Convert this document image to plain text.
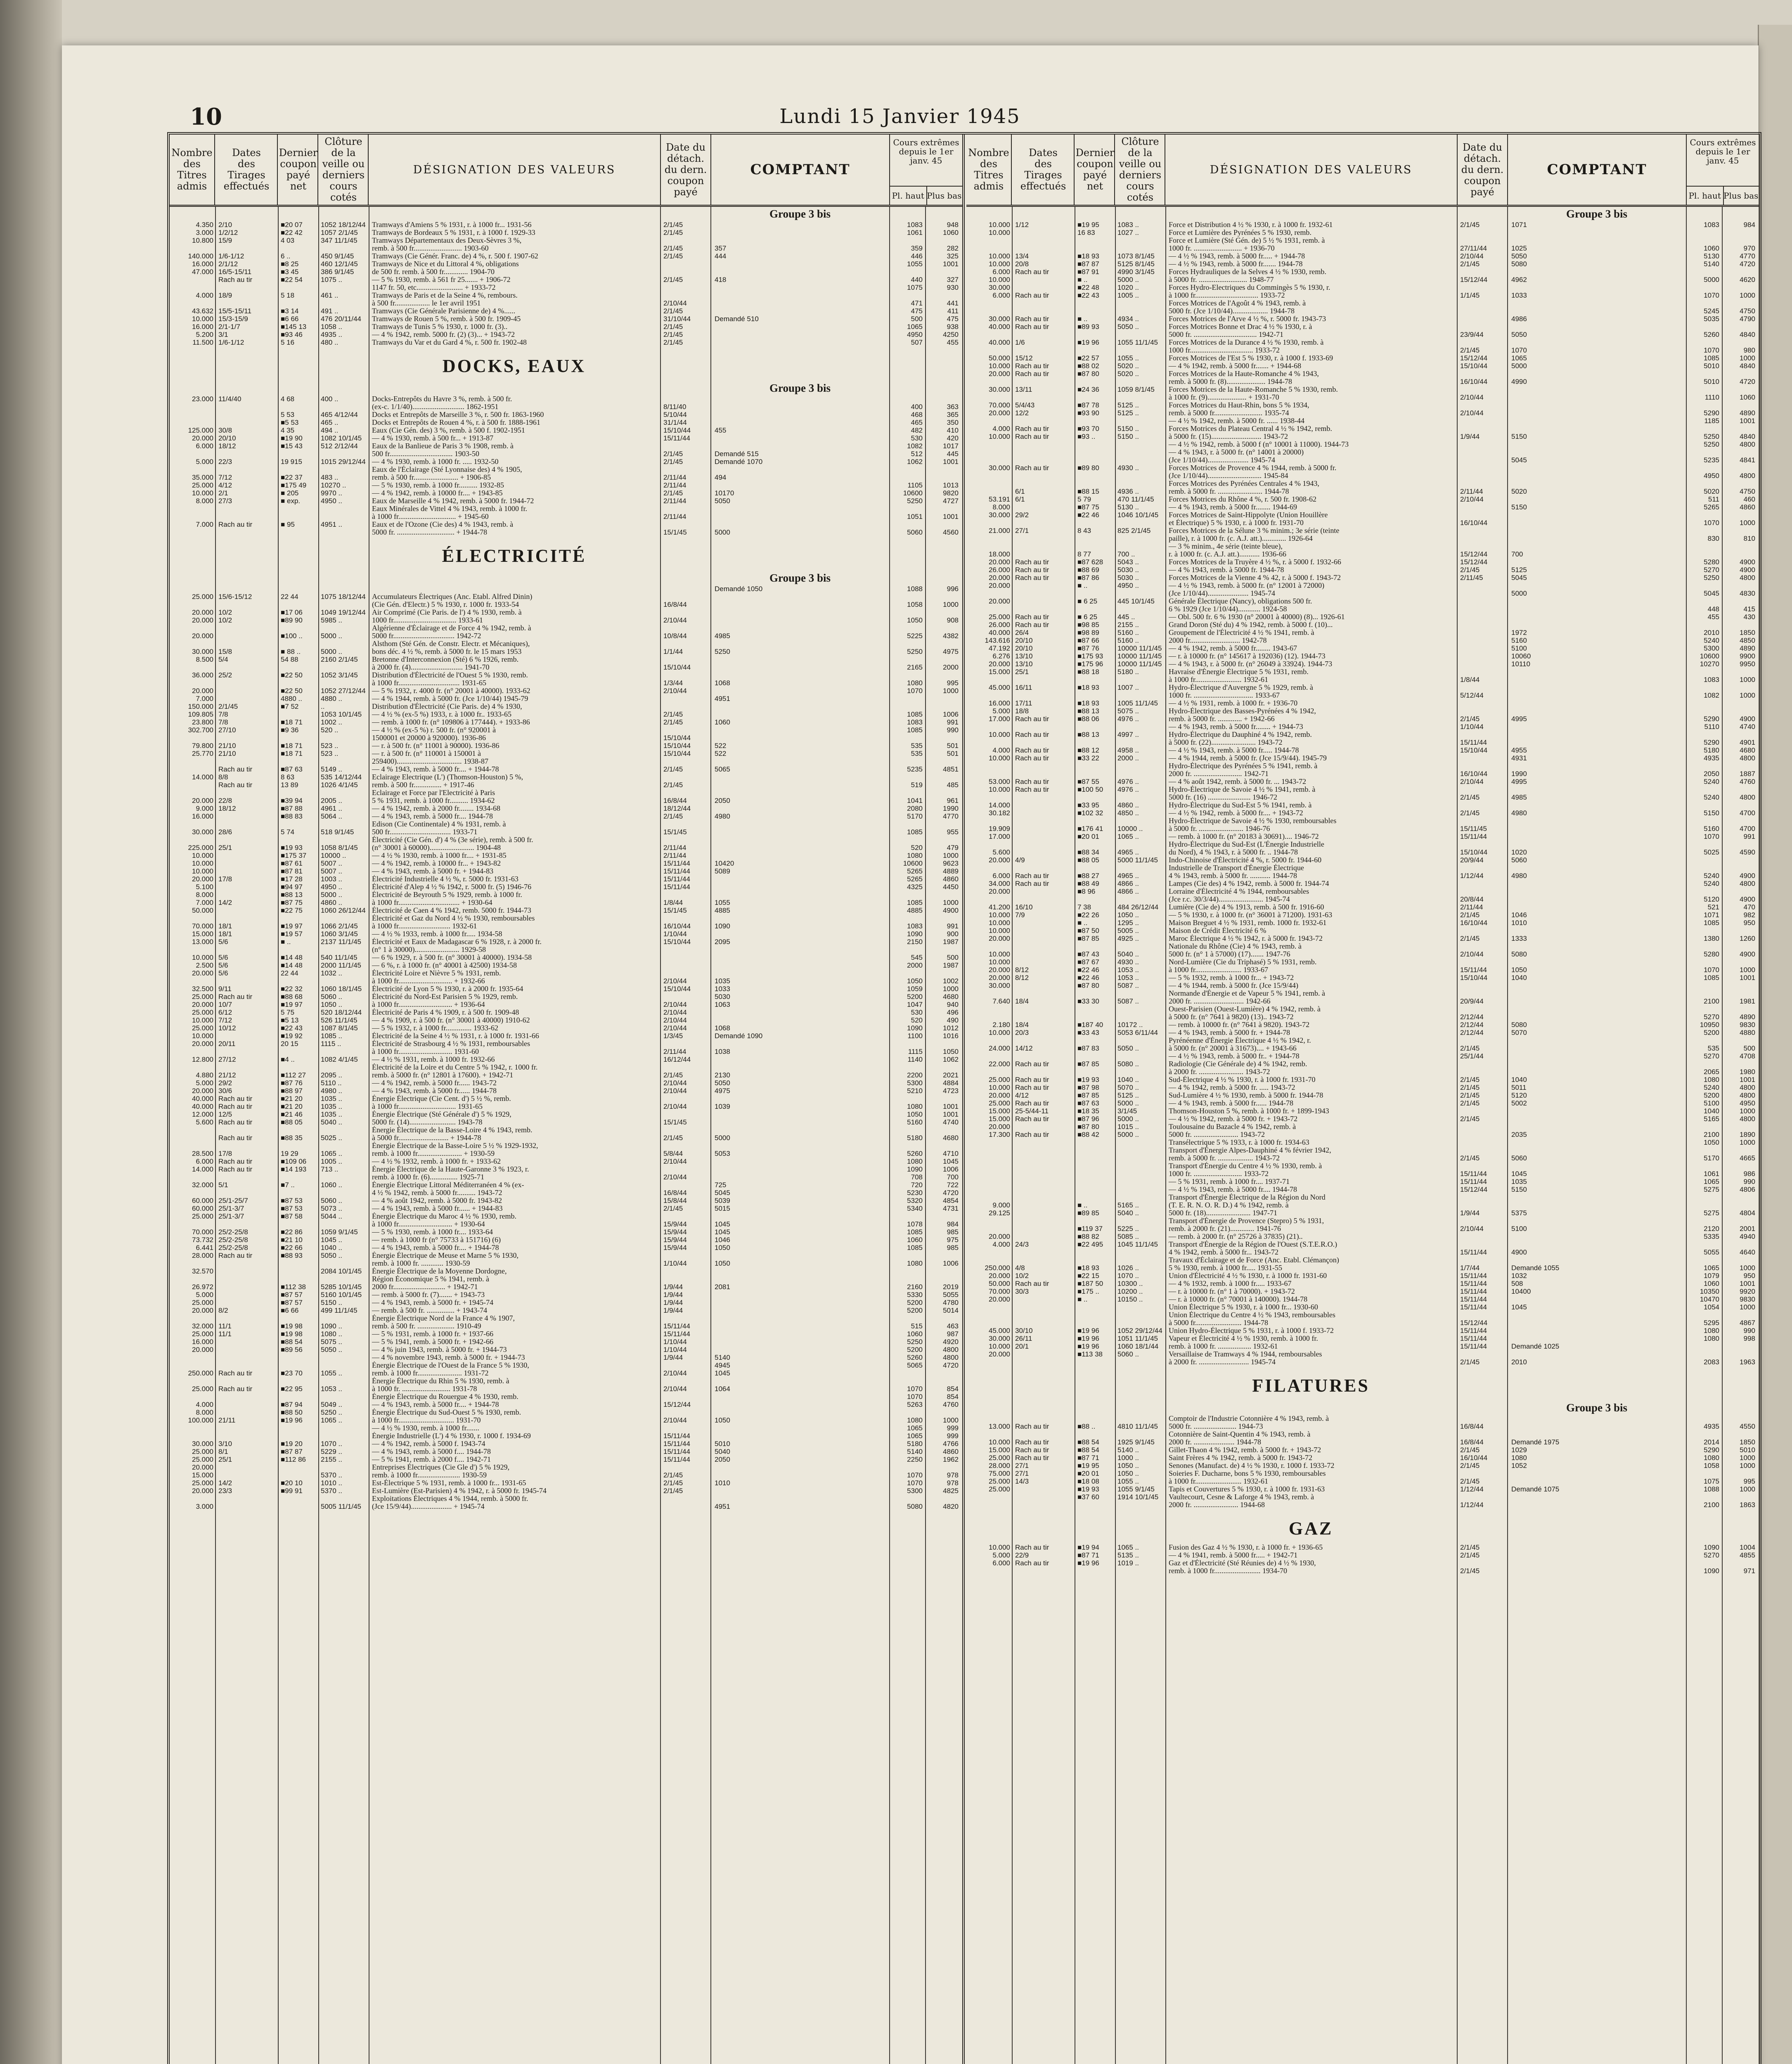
10	Lundi 15 Janvier 1945
Nombre
des
Titres
admis
Dates
des
Tirages
effectués
Dernier
coupon
payé
net
Clôture
de la veille ou
derniers cours
cotés
DÉSIGNATION DES VALEURS
Date du
détach.
du dern.
coupon
payé
COMPTANT
Cours extrêmes
depuis le 1er janv. 45
Pl. haut Plus bas
Groupe 3 bis
4.350 2/10	■20 07	1052 18/12/44 Tramways d'Amiens 5 % 1931, r. à 1000 fr... 1931-56	2/1/45	1083	948
3.000 1/2/12	■22 42	1057 2/1/45	Tramways de Bordeaux 5 % 1931, r. à 1000 f. 1929-33	2/1/45	1061	1060
10.800 15/9	4 03	347 11/1/45	Tramways Départementaux des Deux-Sèvres 3 %,
remb. à 500 fr.......................... 1903-60	2/1/45	357	359	282
140.000 1/6-1/12	6 ..	450 9/1/45	Tramways (Cie Génér. Franc. de) 4 %, r. 500 f. 1907-62	2/1/45	444	446	325
16.000 2/1/12	■8 25	460 12/1/45	Tramways de Nice et du Littoral 4 %, obligations	1055	1001
47.000 16/5-15/11	■3 45	386 9/1/45	de 500 fr. remb. à 500 fr............. 1904-70
Rach au tir	■22 54	1075 ..	— 5 % 1930, remb. à 561 fr 25....... + 1906-72	2/1/45	418	440	327
1147 fr. 50, etc......................... + 1933-72	1075	930
4.000 18/9	5 18	461 ..	Tramways de Paris et de la Seine 4 %, rembours.
à 500 fr................... le 1er avril 1951	2/10/44	471	441
43.632 15/5-15/11	■3 14	491 ..	Tramways (Cie Générale Parisienne de) 4 %......	2/1/45	475	411
10.000 15/3-15/9	■6 66	476 20/11/44	Tramways de Rouen 5 %, remb. à 500 fr. 1909-45	31/10/44	Demandé 510	500	475
16.000 2/1-1/7	■145 13	1058 ..	Tramways de Tunis 5 % 1930, r. 1000 fr. (3)..	2/1/45	1065	938
5.200 3/1	■93 46	4935 ..	— 4 % 1942, remb. 5000 fr. (2) (3)... + 1943-72	2/1/45	4950	4250
11.500 1/6-1/12	5 16	480 ..	Tramways du Var et du Gard 4 %, r. 500 fr. 1902-48	2/1/45	507	455
DOCKS, EAUX
Groupe 3 bis
23.000 11/4/40	4 68	400 ..	Docks-Entrepôts du Havre 3 %, remb. à 500 fr.
(ex-c. 1/1/40)............................ 1862-1951	8/11/40	400	363
5 53	465 4/12/44	Docks et Entrepôts de Marseille 3 %, r. 500 fr. 1863-1960	5/10/44	468	365
■5 53	465 ..	Docks et Entrepôts de Rouen 4 %, r. à 500 fr. 1888-1961	31/1/44	465	350
125.000 30/8	4 35	494 ..	Eaux (Cie Gén. des) 3 %, remb. à 500 f. 1902-1951	15/10/44	455	482	410
20.000 20/10	■19 90	1082 10/1/45	— 4 % 1930, remb. à 500 fr... + 1913-87	15/11/44	530	420
6.000 18/12	■15 43	512 2/12/44	Eaux de la Banlieue de Paris 3 % 1908, remb. à	1082	1017
500 fr.................................. 1903-50	2/1/45	Demandé 515	512	445
5.000 22/3	19 915	1015 29/12/44 — 4 % 1930, remb. à 1000 fr. ..... 1932-50	2/1/45	Demandé 1070	1062	1001
Eaux de l'Éclairage (Sté Lyonnaise des) 4 % 1905,
35.000 7/12	■22 37	483 ..	remb. à 500 fr........................ + 1906-85	2/11/44	494
25.000 4/12	■175 49	10270 ..	— 5 % 1930, remb. à 1000 fr.......... 1932-85	2/11/44	1105	1013
10.000 2/1	■ 205	9970 ..	— 4 % 1942, remb. à 10000 fr.... + 1943-85	2/1/45	10170	10600	9820
8.000 27/3	■ exp.	4950 ..	Eaux de Marseille 4 % 1942, remb. à 5000 fr. 1944-72	2/11/44	5050	5250	4727
Eaux Minérales de Vittel 4 % 1943, remb. à 1000 fr.
à 1000 fr............................... + 1945-60	2/11/44	1051	1001
7.000 Rach au tir	■ 95	4951 ..	Eaux et de l'Ozone (Cie des) 4 % 1943, remb. à
5000 fr. ............................... + 1944-78	15/1/45	5000	5060	4560
ÉLECTRICITÉ
Groupe 3 bis
Demandé 1050	1088	996
25.000 15/6-15/12	22 44	1075 18/12/44 Accumulateurs Électriques (Anc. Etabl. Alfred Dinin)
(Cie Gén. d'Electr.) 5 % 1930, r. 1000 fr. 1933-54	16/8/44	1058	1000
20.000 10/2	■17 06	1049 19/12/44 Air Comprimé (Cie Paris. de l') 4 % 1930, remb. à
20.000 10/2	■89 90	5985 ..	1000 fr.................................. 1933-61	2/10/44	1050	908
Algérienne d'Éclairage et de Force 4 % 1942, remb. à
20.000	■100 ..	5000 ..	5000 fr................................. 1942-72	10/8/44	4985	5225	4382
Alsthom (Sté Gén. de Constr. Electr. et Mécaniques),
30.000 15/8	■ 88 ..	5000 ..	bons déc. 4 ½ %, remb. à 5000 fr. le 15 mars 1953	1/1/44	5250	5250	4975
8.500 5/4	54 88	2160 2/1/45	Bretonne d'Interconnexion (Sté) 6 % 1926, remb.
à 2000 fr. (4)............................ 1941-70	15/10/44	2165	2000
36.000 25/2	■22 50	1052 3/1/45	Distribution d'Électricité de l'Ouest 5 % 1930, remb.
à 1000 fr................................. 1931-65	1/3/44	1068	1080	995
20.000	■22 50	1052 27/12/44 — 5 % 1932, r. 4000 fr. (n° 20001 à 40000). 1933-62	2/10/44	1070	1000
7.000	4880 ..	4880 ..	— 4 % 1944, remb. à 5000 fr. (Jce 1/10/44) 1945-79	4951
150.000 2/1/45	■7 52	..	Distribution d'Électricité (Cie Paris. de) 4 % 1930,
109.805 7/8	1053 10/1/45	— 4 ½ % (ex-5 %) 1933, r. à 1000 fr.. 1933-65	2/1/45	1085	1006
23.800 7/8	■18 71	1002 ..	— remb. à 1000 fr. (n° 109806 à 177444). + 1933-86	2/1/45	1060	1083	991
302.700 27/10	■9 36	520 ..	— 4 ½ % (ex-5 %) r. 500 fr. (n° 920001 à	1085	990
1500001 et 20000 à 920000). 1936-86	15/10/44
79.800 21/10	■18 71	523 ..	— r. à 500 fr. (n° 11001 à 90000). 1936-86	15/10/44	522	535	501
25.770 21/10	■18 71	523 ..	— r. à 500 fr. (n° 110001 à 150001 à	15/10/44	522	535	501
259400)................................... 1938-87
Rach au tir	■87 63	5149 ..	— 4 % 1943, remb. à 5000 fr.... + 1944-78	2/1/45	5065	5235	4851
14.000 8/8	8 63	535 14/12/44	Eclairage Electrique (L') (Thomson-Houston) 5 %,
Rach au tir	13 89	1026 4/1/45	remb. à 500 fr............... + 1917-46	2/1/45	519	485
Eclairage et Force par l'Electricité à Paris
20.000 22/8	■39 94	2005 ..	5 % 1931, remb. à 1000 fr.......... 1934-62	16/8/44	2050	1041	961
9.000 18/12	■87 88	4961 ..	— 4 % 1942, remb. à 2000 fr........ 1934-68	18/12/44	2080	1990
16.000	■88 83	5064 ..	— 4 % 1943, remb. à 5000 fr.... 1944-78	2/1/45	4980	5170	4770
Edison (Cie Continentale) 4 % 1931, remb. à
30.000 28/6	5 74	518 9/1/45	500 fr................................. 1933-71	15/1/45	1085	955
Électricité (Cie Gén. d') 4 % (3e série), remb. à 500 fr.
225.000 25/1	■19 93	1058 8/1/45	(n° 30001 à 60000)........................ 1904-48	2/11/44	520	479
10.000	■175 37	10000 ..	— 4 ½ % 1930, remb. à 1000 fr.... + 1931-85	2/11/44	1080	1000
10.000	■87 61	5007 ..	— 4 % 1942, remb. à 10000 fr... + 1943-82	15/11/44	10420	10600	9623
10.000	■87 81	5007 ..	— 4 % 1943, remb. à 5000 fr. + 1944-83	15/11/44	5089	5265	4889
20.000 17/8	■17 28	1003 ..	Électricité Industrielle 4 ½ %, r. 5000 fr. 1931-63	15/11/44	5265	4860
5.100	■94 97	4950 ..	Électricité d'Alep 4 ½ % 1942, r. 5000 fr. (5) 1946-76	15/11/44	4325	4450
8.000	■88 13	5000 ..	Électricité de Beyrouth 5 % 1929, remb. à 1000 fr.
7.000 14/2	■87 75	4860 ..	à 1000 fr................................. + 1930-64	1/8/44	1055	1085	1000
50.000	■22 75	1060 26/12/44 Électricité de Caen 4 % 1942, remb. 5000 fr. 1944-73	15/1/45	4885	4885	4900
Électricité et Gaz du Nord 4 ½ % 1930, remboursables
70.000 18/1	■19 97	1066 2/1/45	à 1000 fr............................ 1932-61	16/10/44	1090	1083	991
15.000 18/1	■19 57	1060 3/1/45	— 4 ½ % 1933, remb. à 1000 fr..... 1934-58	1/10/44	1090	900
13.000 5/6	■ ..	2137 11/1/45	Électricité et Eaux de Madagascar 6 % 1928, r. à 2000 fr.	15/10/44	2095	2150	1987
(n° 1 à 30000)........................ 1929-58
10.000 5/6	■14 48	540 11/1/45	— 6 % 1929, r. à 500 fr. (n° 30001 à 40000). 1934-58	545	500
2.500 5/6	■14 48	2000 11/1/45	— 6 %, r. à 1000 fr. (n° 40001 à 42500) 1934-58	2000	1987
20.000 5/6	22 44	1032 ..	Électricité Loire et Nièvre 5 % 1931, remb.
à 1000 fr............................. + 1932-66	2/10/44	1035	1050	1002
32.500 9/11	■22 32	1060 18/1/45	Électricité de Lyon 5 % 1930, r. à 2000 fr. 1935-64	15/10/44	1033	1059	1000
25.000 Rach au tir	■88 68	5060 ..	Électricité du Nord-Est Parisien 5 % 1929, remb.	5030	5200	4680
20.000 10/7	■19 97	1050 ..	à 1000 fr............................. + 1936-64	2/10/44	1063	1047	940
25.000 6/12	5 75	520 18/12/44	Électricité de Paris 4 % 1909, r. à 500 fr. 1909-48	2/10/44	530	496
10.000 7/12	■5 13	526 11/1/45	— 4 % 1909, r. à 500 fr. (n° 30001 à 40000) 1910-62	2/10/44	520	490
25.000 10/12	■22 43	1087 8/1/45	— 5 % 1932, r. à 1000 fr.............. 1933-62	2/10/44	1068	1090	1012
10.000	■19 92	1085 ..	Électricité de la Seine 4 ½ % 1931, r. à 1000 fr. 1931-66	1/3/45	Demandé 1090	1100	1016
20.000 20/11	20 15	1115 ..	Électricité de Strasbourg 4 ½ % 1931, remboursables
à 1000 fr............................. 1931-60	2/11/44	1038	1115	1050
12.800 27/12	■4 ..	1082 4/1/45	— 4 ½ % 1931, remb. à 1000 fr. 1932-66	16/12/44	1140	1062
Électricité de la Loire et du Centre 5 % 1942, r. 1000 fr.
4.880 21/12	■112 27	2095 ..	remb. à 5000 fr. (n° 12801 à 17600). + 1942-71	2/1/45	2130	2200	2021
5.000 29/2	■87 76	5110 ..	— 4 % 1942, remb. à 5000 fr...... 1943-72	2/10/44	5050	5300	4884
20.000 30/6	■88 97	4980 ..	— 4 % 1943, remb. à 5000 fr...... 1944-78	2/10/44	4975	5210	4723
40.000 Rach au tir	■21 20	1035 ..	Énergie Électrique (Cie Cent. d') 5 ½ %, remb.
40.000 Rach au tir	■21 20	1035 ..	à 1000 fr............................... 1931-65	2/10/44	1039	1080	1001
12.000 12/5	■21 46	1035 ..	Énergie Électrique (Sté Générale d') 5 % 1929,	1050	1001
5.600 Rach au tir	■88 05	5040 ..	5000 fr. (14)......................... 1943-78	15/1/45	5160	4740
Énergie Électrique de la Basse-Loire 4 % 1943, remb.
Rach au tir	■88 35	5025 ..	à 5000 fr........................... + 1944-78	2/1/45	5000	5180	4680
Énergie Électrique de la Basse-Loire 5 ½ % 1929-1932,
28.500 17/8	19 29	1065 ..	remb. à 1000 fr........................ + 1930-59	5/8/44	5053	5260	4710
6.000 Rach au tir	■109 06	1005 ..	— 4 ½ % 1932, remb. à 1000 fr. + 1933-62	2/10/44	1080	1045
14.000 Rach au tir	■14 193	713 ..	Énergie Électrique de la Haute-Garonne 3 % 1923, r.	1090	1006
remb. à 1000 fr. (6)............... 1925-71	2/10/44	708	700
32.000 5/1	■7 ..	1060 ..	Énergie Électrique Littoral Méditerranéen 4 % (ex-	725	720	722
4 ½ % 1942, remb. à 5000 fr.......... 1943-72	16/8/44	5045	5230	4720
60.000 25/1-25/7	■87 53	5060 ..	— 4 % août 1942, remb. à 5000 fr. 1943-82	15/8/44	5039	5320	4854
60.000 25/1-3/7	■87 53	5073 ..	— 4 % 1943, remb. à 5000 fr...... + 1944-83	2/1/45	5015	5340	4731
25.000 25/1-3/7	■87 58	5044 ..	Énergie Électrique du Maroc 4 ½ % 1930, remb.
à 1000 fr............................. + 1930-64	15/9/44	1045	1078	984
70.000 25/2-25/8	■22 86	1059 9/1/45	— 5 % 1930, remb. à 1000 fr.... 1933-64	15/9/44	1045	1085	985
73.732 25/2-25/8	■21 10	1045 ..	— remb. à 1000 fr (n° 75733 à 151716) (6)	15/9/44	1046	1060	975
6.441 25/2-25/8	■22 66	1040 ..	— 4 % 1943, remb. à 5000 fr.... + 1944-78	15/9/44	1050	1085	985
28.000 Rach au tir	■88 93	5050 ..	Énergie Électrique de Meuse et Marne 5 % 1930,
remb. à 1000 fr. ............ 1930-59	1/10/44	1050	1080	1006
32.570	2084 10/1/45	Énergie Électrique de la Moyenne Dordogne,
Région Économique 5 % 1941, remb. à
26.972	■112 38	5285 10/1/45	2000 fr............................ + 1942-71	1/9/44	2081	2160	2019
5.000	■87 57	5160 10/1/45	— remb. à 5000 fr. (7)....... + 1943-73	1/9/44	5330	5055
25.000	■87 57	5150 ..	— 4 % 1943, remb. à 5000 fr. + 1945-74	1/9/44	5200	4780
20.000 8/2	■6 66	499 11/1/45	— remb. à 500 fr. ............... + 1943-74	1/9/44	5200	5014
Énergie Électrique Nord de la France 4 % 1907,
32.000 11/1	■19 98	1090 ..	remb. à 500 fr. .................... 1910-49	15/11/44	515	463
25.000 11/1	■19 98	1080 ..	— 5 % 1931, remb. à 1000 fr. + 1937-66	15/11/44	1060	987
16.000	■88 54	5075 ..	— 5 % 1941, remb. à 5000 fr. + 1942-66	1/10/44	5250	4920
20.000	■89 56	5050 ..	— 4 % juin 1943, remb. à 5000 fr. + 1944-73	1/10/44	5200	4800
— 4 % novembre 1943, remb. à 5000 fr. + 1944-73	1/9/44	5140	5260	4800
Énergie Électrique de l'Ouest de la France 5 % 1930,	4945	5065	4720
250.000 Rach au tir	■23 70	1055 ..	remb. à 1000 fr........................ 1931-72	2/10/44	1045
Énergie Électrique du Rhin 5 % 1930, remb. à
25.000 Rach au tir	■22 95	1053 ..	à 1000 fr. .......................... 1931-78	2/10/44	1064	1070	854
Énergie Électrique du Rouergue 4 % 1930, remb.	1070	854
4.000	■87 94	5049 ..	— 4 % 1943, remb. à 5000 fr.... + 1944-78	15/12/44	5263	4760
8.000	■88 50	5250 ..	Énergie Électrique du Sud-Ouest 5 % 1930, remb.
100.000 21/11	■19 96	1065 ..	à 1000 fr.............................. 1931-70	2/10/44	1050	1080	1000
— 4 ½ % 1930, remb. à 1000 fr.......	1065	999
Énergie Industrielle (L') 4 % 1930, r. 1000 f. 1934-69	15/11/44	1065	999
30.000 3/10	■19 20	1070 ..	— 4 % 1942, remb. à 5000 f. 1943-74	15/11/44	5010	5180	4766
25.000 8/1	■87 87	5229 ..	— 4 % 1943, remb. à 5000 f.... 1944-78	15/11/44	5040	5140	4860
25.000 25/1	■112 86	2155 ..	— 5 % 1941, remb. à 2000 f.... 1942-71	15/11/44	2050	2250	1962
20.000	Entreprises Électriques (Cie Gle d') 5 % 1929,
15.000	5370 ..	remb. à 1000 fr....................... 1930-59	2/1/45	1070	978
25.000 14/2	■20 10	1010 ..	Est-Électrique 5 % 1931, remb. à 1000 fr... 1931-65	2/1/45	1010	1070	978
20.000 23/3	■99 91	5370 ..	Est-Lumière (Est-Parisien) 4 % 1942, r. à 5000 fr. 1945-74	2/1/45	5300	4825
Exploitations Électriques 4 % 1944, remb. à 5000 fr.
3.000	5005 11/1/45	(Jce 15/9/44)...................... + 1945-74	4951	5080	4820
Nombre
des
Titres
admis
Dates
des
Tirages
effectués
Dernier
coupon
payé
net
Clôture
de la veille ou
derniers cours
cotés
DÉSIGNATION DES VALEURS
Date du
détach.
du dern.
coupon
payé
COMPTANT
Cours extrêmes
depuis le 1er janv. 45
Pl. haut Plus bas
Groupe 3 bis
10.000 1/12	■19 95	1083 ..	Force et Distribution 4 ½ % 1930, r. à 1000 fr. 1932-61	2/1/45	1071	1083	984
10.000	16 83	1027 ..	Force et Lumière des Pyrénées 5 % 1930, remb.
Force et Lumière (Sté Gén. de) 5 ½ % 1931, remb. à
1000 fr. .......................... + 1936-70	27/11/44	1025	1060	970
10.000 13/4	■18 93	1073 8/1/45	— 4 ½ % 1943, remb. à 5000 fr..... + 1944-78	2/10/44	5050	5130	4770
10.000 20/8	■87 87	5125 8/1/45	— 4 ½ % 1943, remb. à 5000 fr....... 1944-78	2/1/45	5080	5140	4720
6.000 Rach au tir	■87 91	4990 3/1/45	Forces Hydrauliques de la Selves 4 ½ % 1930, remb.
10.000	■ ..	5000 ..	à 5000 fr. .......................... 1948-77	15/12/44	4962	5000	4620
30.000	■22 48	1020 ..	Forces Hydro-Electriques du Commingès 5 % 1930, r.
6.000 Rach au tir	■22 43	1005 ..	à 1000 fr.................................. 1933-72	1/1/45	1033	1070	1000
Forces Motrices de l'Agoût 4 % 1943, remb. à
5000 fr. (Jce 1/10/44)................... 1944-78	5245	4750
30.000 Rach au tir	■ ..	4934 ..	Forces Motrices de l'Arve 4 ½ %, r. 5000 fr. 1943-73	4986	5035	4790
40.000 Rach au tir	■89 93	5050 ..	Forces Motrices Bonne et Drac 4 ½ % 1930, r. à
5000 fr. .................................. 1942-71	23/9/44	5050	5260	4840
40.000 1/6	■19 96	1055 11/1/45	Forces Motrices de la Durance 4 ½ % 1930, remb. à
1000 fr.................................. 1933-72	2/1/45	1070	1070	980
50.000 15/12	■22 57	1055 ..	Forces Motrices de l'Est 5 % 1930, r. à 1000 f. 1933-69	15/12/44	1065	1085	1000
10.000 Rach au tir	■88 02	5020 ..	— 4 % 1942, remb. à 5000 fr....... + 1944-68	15/10/44	5000	5010	4840
20.000 Rach au tir	■87 80	5020 ..	Forces Motrices de la Haute-Romanche 4 % 1943,
remb. à 5000 fr. (8)..................... 1944-78	16/10/44	4990	5010	4720
30.000 13/11	■24 36	1059 8/1/45	Forces Motrices de la Haute-Romanche 5 % 1930, remb.
à 1000 fr. (9)..................... + 1931-70	2/10/44	1110	1060
70.000 5/4/43	■87 78	5125 ..	Forces Motrices du Haut-Rhin, bons 5 % 1934,
20.000 12/2	■93 90	5125 ..	remb. à 5000 fr.......................... 1935-74	2/10/44	5290	4890
— 4 ½ % 1942, remb. à 5000 fr. ...... 1938-44	1185	1001
4.000 Rach au tir	■93 70	5150 ..	Forces Motrices du Plateau Central 4 ½ % 1942, remb.
10.000 Rach au tir	■93 ..	5150 ..	à 5000 fr. (15)........................... 1943-72	1/9/44	5150	5250	4840
— 4 ½ % 1942, remb. à 5000 f (n° 10001 à 11000). 1944-73	5250	4800
— 4 % 1943, r. à 5000 fr. (n° 14001 à 20000)
(Jce 1/10/44)...................... 1945-74	5045	5235	4841
30.000 Rach au tir	■89 80	4930 ..	Forces Motrices de Provence 4 % 1944, remb. à 5000 fr.
(Jce 1/10/44)............................. 1945-84	4950	4800
Forces Motrices des Pyrénées Centrales 4 % 1943,
6/1	■88 15	4936 ..	remb. à 5000 fr. ........................ 1944-78	2/11/44	5020	5020	4750
53.191 6/1	5 79	470 11/1/45	Forces Motrices du Rhône 4 %, r. 500 fr. 1908-62	2/10/44	511	460
8.000	■87 75	5130 ..	— 4 % 1943, remb. à 5000 fr........ 1944-69	5150	5265	4860
30.000 29/2	■22 46	1046 10/1/45	Forces Motrices de Saint-Hippolyte (Union Houillère
et Électrique) 5 % 1930, r. à 1000 fr. 1931-70	16/10/44	1070	1000
21.000 27/1	8 43	825 2/1/45	Forces Motrices de la Sélune 3 % minim.; 3e série (teinte
paille), r. à 1000 fr. (c. A.J. att.)............. 1926-64	830	810
— 3 % minim., 4e série (teinte bleue),
18.000	8 77	700 ..	r. à 1000 fr. (c. A.J. att.)........... 1936-66	15/12/44	700
20.000 Rach au tir	■87 628	5043 ..	Forces Motrices de la Truyère 4 ½ %, r. à 5000 f. 1932-66	15/12/44	5280	4900
26.000 Rach au tir	■88 69	5030 ..	— 4 % 1943, remb. à 5000 fr. 1944-78	2/1/45	5125	5270	4900
20.000 Rach au tir	■87 86	5030 ..	Forces Motrices de la Vienne 4 % 42, r. à 5000 f. 1943-72	2/11/45	5045	5250	4800
20.000	■ ..	4950 ..	— 4 ½ % 1943, remb. à 5000 fr. (n° 12001 à 72000)
(Jce 1/10/44)...................... 1945-74	5000	5045	4830
20.000	■ 6 25	445 10/1/45	Générale Électrique (Nancy), obligations 500 fr.
6 % 1929 (Jce 1/10/44)............ 1924-58	448	415
25.000 Rach au tir	■ 6 25	445 ..	— Obl. 500 fr. 6 % 1930 (n° 20001 à 40000) (8)... 1926-61	455	430
26.000 Rach au tir	■98 85	2155 ..	Grand Doron (Sté du) 4 % 1942, remb. à 5000 f. (10)...
40.000 26/4	■98 89	5160 ..	Groupement de l'Électricité 4 ½ % 1941, remb. à	1972	2010	1850
143.616 20/10	■87 66	5160 ..	2000 fr........................... 1942-78	5160	5240	4850
47.192 20/10	■87 76	10000 11/1/45 — 4 % 1942, remb. à 5000 fr........ 1943-67	5100	5300	4890
6.276 13/10	■175 93	10000 11/1/45 — r. à 10000 fr. (n° 145617 à 192036) (12). 1944-73	10060	10600	9900
20.000 13/10	■175 96	10000 11/1/45 — 4 % 1943, r. à 5000 fr. (n° 26049 à 33924). 1944-73	10110	10270	9950
15.000 25/1	■88 18	5180 ..	Havraise d'Énergie Électrique 5 % 1931, remb.
à 1000 fr......................... 1932-61	1/8/44	1083	1000
45.000 16/11	■18 93	1007 ..	Hydro-Électrique d'Auvergne 5 % 1929, remb. à
1000 fr. ................................ 1933-67	5/12/44	1082	1000
16.000 17/11	■18 93	1005 11/1/45	— 4 ½ % 1931, remb. à 1000 fr. + 1936-70
5.000 18/8	■88 13	5075 ..	Hydro-Électrique des Basses-Pyrénées 4 % 1942,
17.000 Rach au tir	■88 06	4976 ..	remb. à 5000 fr. ............. + 1942-66	2/1/45	4995	5290	4900
— 4 % 1943, remb. à 5000 fr........ + 1944-73	1/10/44	5110	4740
10.000 Rach au tir	■88 13	4997 ..	Hydro-Électrique du Dauphiné 4 % 1942, remb.
à 5000 fr. (22)........................ 1943-72	15/11/44	5290	4901
4.000 Rach au tir	■88 12	4958 ..	— 4 ½ % 1943, remb. à 5000 fr..... 1944-78	15/10/44	4955	5180	4680
10.000 Rach au tir	■33 22	2000 ..	— 4 % 1944, remb. à 5000 fr. (Jce 15/9/44). 1945-79	4931	4935	4800
Hydro-Électrique des Pyrénées 5 % 1941, remb. à
2000 fr. .......................... 1942-71	16/10/44	1990	2050	1887
53.000 Rach au tir	■87 55	4976 ..	— 4 % août 1942, remb. à 5000 fr. ... 1943-72	2/10/44	4995	5240	4760
10.000 Rach au tir	■100 50	4976 ..	Hydro-Électrique de Savoie 4 ½ % 1941, remb. à
5000 fr. (16) ....................... 1946-72	2/1/45	4985	5240	4800
14.000	■33 95	4860 ..	Hydro-Électrique du Sud-Est 5 % 1941, remb. à
30.182	■102 32	4850 ..	— 4 ½ % 1942, remb. à 5000 fr.... + 1943-72	2/1/45	4980	5150	4700
Hydro-Électrique de Savoie 4 ½ % 1930, remboursables
19.909	■176 41	10000 ..	à 5000 fr. ........................ 1946-76	15/11/45	5160	4700
17.000	■20 01	1065 ..	— remb. à 1000 fr. (n° 20183 à 30691).... 1946-72	15/11/44	1070	991
Hydro-Électrique du Sud-Est (L'Énergie Industrielle
5.600	■88 34	4965 ..	du Nord), 4 % 1943, r. à 5000 fr. .. 1944-78	15/10/44	1020	5025	4590
20.000 4/9	■88 05	5000 11/1/45	Indo-Chinoise d'Électricité 4 %, r. 5000 fr. 1944-60	20/9/44	5060
Industrielle de Transport d'Énergie Électrique
6.000 Rach au tir	■88 27	4965 ..	4 % 1943, remb. à 5000 fr. ........... 1944-78	1/12/44	4980	5240	4900
34.000 Rach au tir	■88 49	4866 ..	Lampes (Cie des) 4 % 1942, remb. à 5000 fr. 1944-74	5240	4800
20.000	■8 96	4866 ..	Lorraine d'Électricité 4 % 1944, remboursables
(Jce r.c. 30/3/44)........................ 1945-74	20/8/44	5120	4900
41.200 16/10	7 38	484 26/12/44	Lumière (Cie de) 4 % 1913, remb. à 500 fr. 1916-60	2/11/44	521	470
10.000 7/9	■22 26	1050 ..	— 5 % 1930, r. à 1000 fr. (n° 36001 à 71200). 1931-63	2/1/45	1046	1071	982
10.000	■ ..	1295 ..	Maison Breguet 4 ½ % 1931, remb. 1000 fr. 1932-61	16/10/44	1010	1085	950
10.000	■87 50	5005 ..	Maison de Crédit Électricité 6 %
20.000	■87 85	4925 ..	Maroc Électrique 4 ½ % 1942, r. à 5000 fr. 1943-72	2/1/45	1333	1380	1260
Nationale du Rhône (Cie) 4 % 1943, remb. à
10.000	■87 43	5040 ..	5000 fr. (n° 1 à 57000) (17)....... 1947-76	2/10/44	5080	5280	4900
10.000	■87 67	4930 ..	Nord-Lumière (Cie du Triphasé) 5 % 1931, remb.
20.000 8/12	■22 46	1053 ..	à 1000 fr......................... 1933-67	15/11/44	1050	1070	1000
20.000 8/12	■22 46	1053 ..	— 5 % 1932, remb. à 1000 fr... + 1943-72	15/10/44	1040	1085	1001
30.000	■87 80	5087 ..	— 4 % 1944, remb. à 5000 fr. (Jce 15/9/44)
Normande d'Énergie et de Vapeur 5 % 1941, remb. à
7.640 18/4	■33 30	5087 ..	2000 fr. ........................... 1942-66	20/9/44	2100	1981
Ouest-Parisien (Ouest-Lumière) 4 % 1942, remb. à
à 5000 fr. (n° 7641 à 9820) (13).. 1943-72	2/12/44	5270	4890
2.180 18/4	■187 40	10172 ..	— remb. à 10000 fr. (n° 7641 à 9820). 1943-72	2/12/44	5080	10950	9830
10.000 20/3	■33 43	5053 6/11/44	— 4 % 1943, remb. à 5000 fr. + 1944-78	2/12/44	5070	5200	4880
Pyrénéenne d'Énergie Électrique 4 ½ % 1942, r.
24.000 14/12	■87 83	5050 ..	à 5000 fr. (n° 20001 à 31673).... + 1943-66	2/1/45	535	500
— 4 ½ % 1943, remb. à 5000 fr.. + 1944-78	25/1/44	5270	4708
22.000 Rach au tir	■87 85	5080 ..	Radiologie (Cie Générale de) 4 % 1942, remb.
à 2000 fr. ........................ 1943-72	2065	1980
25.000 Rach au tir	■19 93	1040 ..	Sud-Électrique 4 ½ % 1930, r. à 1000 fr. 1931-70	2/1/45	1040	1080	1001
10.000 Rach au tir	■87 98	5070 ..	— 4 % 1942, remb. à 5000 fr. ..... 1943-72	2/1/45	5011	5240	4800
20.000 4/12	■87 85	5125 ..	Sud-Lumière 4 ½ % 1930, remb. à 5000 fr. 1944-78	2/1/45	5120	5200	4800
25.000 Rach au tir	■87 63	5000 ..	— 4 % 1943, remb. à 5000 fr...... 1944-78	2/1/45	5002	5100	4950
15.000 25-5/44-11	■18 35	3/1/45	Thomson-Houston 5 %, remb. à 1000 fr. + 1899-1943	1040	1000
15.000 Rach au tir	■87 96	5000 ..	— 4 ½ % 1942, remb. à 5000 fr. + 1943-72	2/1/45	5165	4800
20.000	■87 80	1015 ..	Toulousaine du Bazacle 4 % 1942, remb. à
17.300 Rach au tir	■88 42	5000 ..	5000 fr. ........................ 1943-72	2035	2100	1890
Transélectrique 5 % 1933, r. à 1000 fr. 1934-63	1050	1000
Transport d'Énergie Alpes-Dauphiné 4 % février 1942,
remb. à 5000 fr. ................... 1943-72	2/1/45	5060	5170	4665
Transport d'Énergie du Centre 4 ½ % 1930, remb. à
1000 fr. .......................... 1933-72	15/11/44	1045	1061	986
— 5 % 1931, remb. à 1000 fr.... 1937-71	15/11/44	1035	1065	990
— 4 ½ % 1943, remb. à 5000 fr.... 1944-78	15/12/44	5150	5275	4806
Transport d'Énergie Électrique de la Région du Nord
9.000	■ ..	5165 ..	(T. E. R. N. O. R. D.) 4 % 1942, remb. à
29.125	■89 85	5040 ..	5000 fr. (18)........................ 1947-71	1/9/44	5375	5275	4804
Transport d'Énergie de Provence (Stepro) 5 % 1931,
■119 37	5225 ..	remb. à 2000 fr. (21)............. 1941-76	2/10/44	5100	2120	2001
20.000	■88 82	5085 ..	— remb. à 2000 fr. (n° 25726 à 37835) (21)..	5335	4940
4.000 24/3	■22 495	1045 11/1/45	Transport d'Énergie de la Région de l'Ouest (S.T.E.R.O.)
4 % 1942, remb. à 5000 fr... 1943-72	15/11/44	4900	5055	4640
Travaux d'Éclairage et de Force (Anc. Etabl. Clémançon)
250.000 4/8	■18 93	1026 ..	5 % 1930, remb. à 1000 fr..... 1931-55	1/7/44	Demandé 1055	1065	1000
20.000 10/2	■22 15	1070 ..	Union d'Électricité 4 ½ % 1930, r. à 1000 fr. 1931-60	15/11/44	1032	1079	950
50.000 Rach au tir	■187 50	10300 ..	— 4 % 1932, remb. à 1000 fr..... 1933-67	15/11/44	508	1060	1001
70.000 30/3	■175 ..	10200 ..	— r. à 10000 fr. (n° 1 à 70000). + 1943-72	15/11/44	10400	10350	9920
20.000	■ ..	10150 ..	— r. à 10000 fr. (n° 70001 à 140000). 1944-78	15/11/44	10470	9830
Union Électrique 5 % 1930, r. à 1000 fr... 1930-60	15/11/44	1045	1054	1000
Union Électrique du Centre 4 ½ % 1943, remboursables
à 5000 fr......................... 1944-78	15/12/44	5295	4867
45.000 30/10	■19 96	1052 29/12/44 Union Hydro-Électrique 5 % 1931, r. à 1000 f. 1933-72	15/11/44	1080	990
30.000 26/11	■19 96	1051 11/1/45	Vapeur et Électricité 4 ½ % 1930, remb. à 1000 fr.	15/11/44	1080	998
10.000 20/1	■19 96	1060 18/1/44	remb. à 1000 fr. .................. 1932-61	15/11/44	Demandé 1025
20.000	■113 38	5060 ..	Versaillaise de Tramways 4 % 1944, remboursables
à 2000 fr. ........................... 1945-74	2/1/45	2010	2083	1963
FILATURES
Groupe 3 bis
Comptoir de l'Industrie Cotonnière 4 % 1943, remb. à
13.000 Rach au tir	■88 ..	4810 11/1/45	5000 fr. ....................... 1944-73	16/8/44	4935	4550
Cotonnière de Saint-Quentin 4 % 1943, remb. à
10.000 Rach au tir	■88 54	1925 9/1/45	2000 fr. ...................... 1944-78	16/8/44	Demandé 1975	2014	1850
15.000 Rach au tir	■88 54	5140 ..	Gillet-Thaon 4 % 1942, remb. à 5000 fr. + 1943-72	2/1/45	1029	5290	5010
25.000 Rach au tir	■87 71	1000 ..	Saint Frères 4 % 1942, remb. à 5000 fr. 1943-72	16/10/44	1080	1080	1000
28.000 27/1	■19 95	1050 ..	Senones (Manufact. de) 4 ½ % 1930, r. 1000 f. 1933-72	2/1/45	1052	1058	1000
75.000 27/1	■20 01	1050 ..	Soieries F. Ducharne, bons 5 % 1930, remboursables
25.000 14/3	■18 08	1055 ..	à 1000 fr......................... 1932-61	2/1/45	1075	995
25.000	■19 93	1055 9/1/45	Tapis et Couvertures 5 % 1930, r. à 1000 fr. 1931-63	1/12/44	Demandé 1075	1088	1000
■37 60	1914 10/1/45	Vaultecourt, Cesne & Laforge 4 % 1943, remb. à
2000 fr. ........................ 1944-68	1/12/44	2100	1863
GAZ
10.000 Rach au tir	■19 94	1065 ..	Fusion des Gaz 4 ½ % 1930, r. à 1000 fr. + 1936-65	2/1/45	1090	1004
5.000 22/9	■87 71	5135 ..	— 4 % 1941, remb. à 5000 fr..... + 1942-71	2/1/45	5270	4855
6.000 Rach au tir	■19 96	1019 ..	Gaz et d'Électricité (Sté Réunies de) 4 ½ % 1930,
remb. à 1000 fr......................... 1934-70	2/1/45	1090	971
